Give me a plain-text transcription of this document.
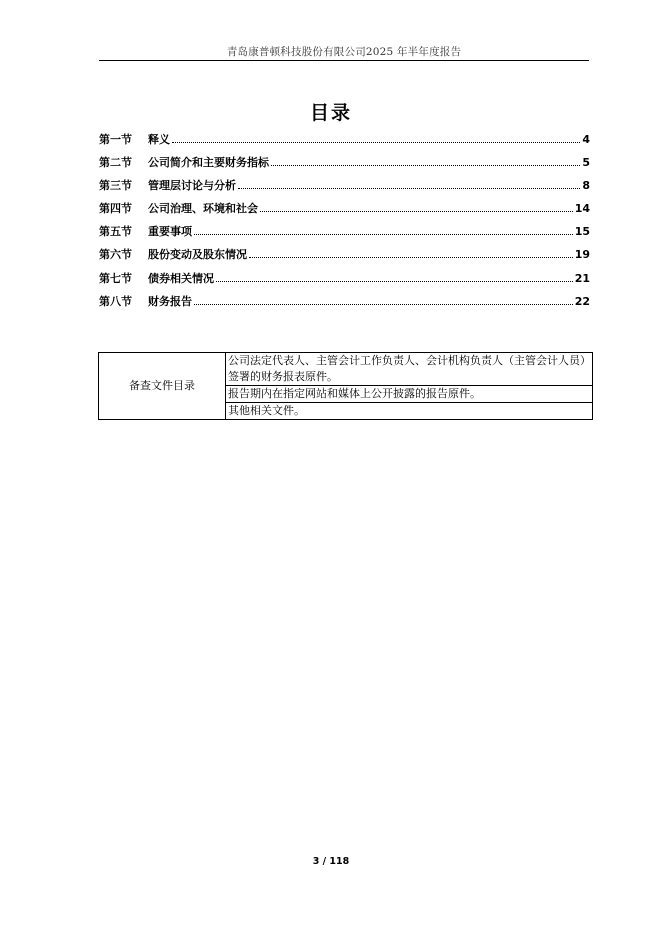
青岛康普顿科技股份有限公司2025 年半年度报告
目录
第一节	释义	4
第二节	公司简介和主要财务指标	5
第三节	管理层讨论与分析	8
第四节	公司治理、环境和社会	14
第五节	重要事项	15
第六节	股份变动及股东情况	19
第七节	债券相关情况	21
第八节	财务报告	22
备查文件目录	公司法定代表人、主管会计工作负责人、会计机构负责人（主管会计人员）签署的财务报表原件。
报告期内在指定网站和媒体上公开披露的报告原件。
其他相关文件。
3 / 118
